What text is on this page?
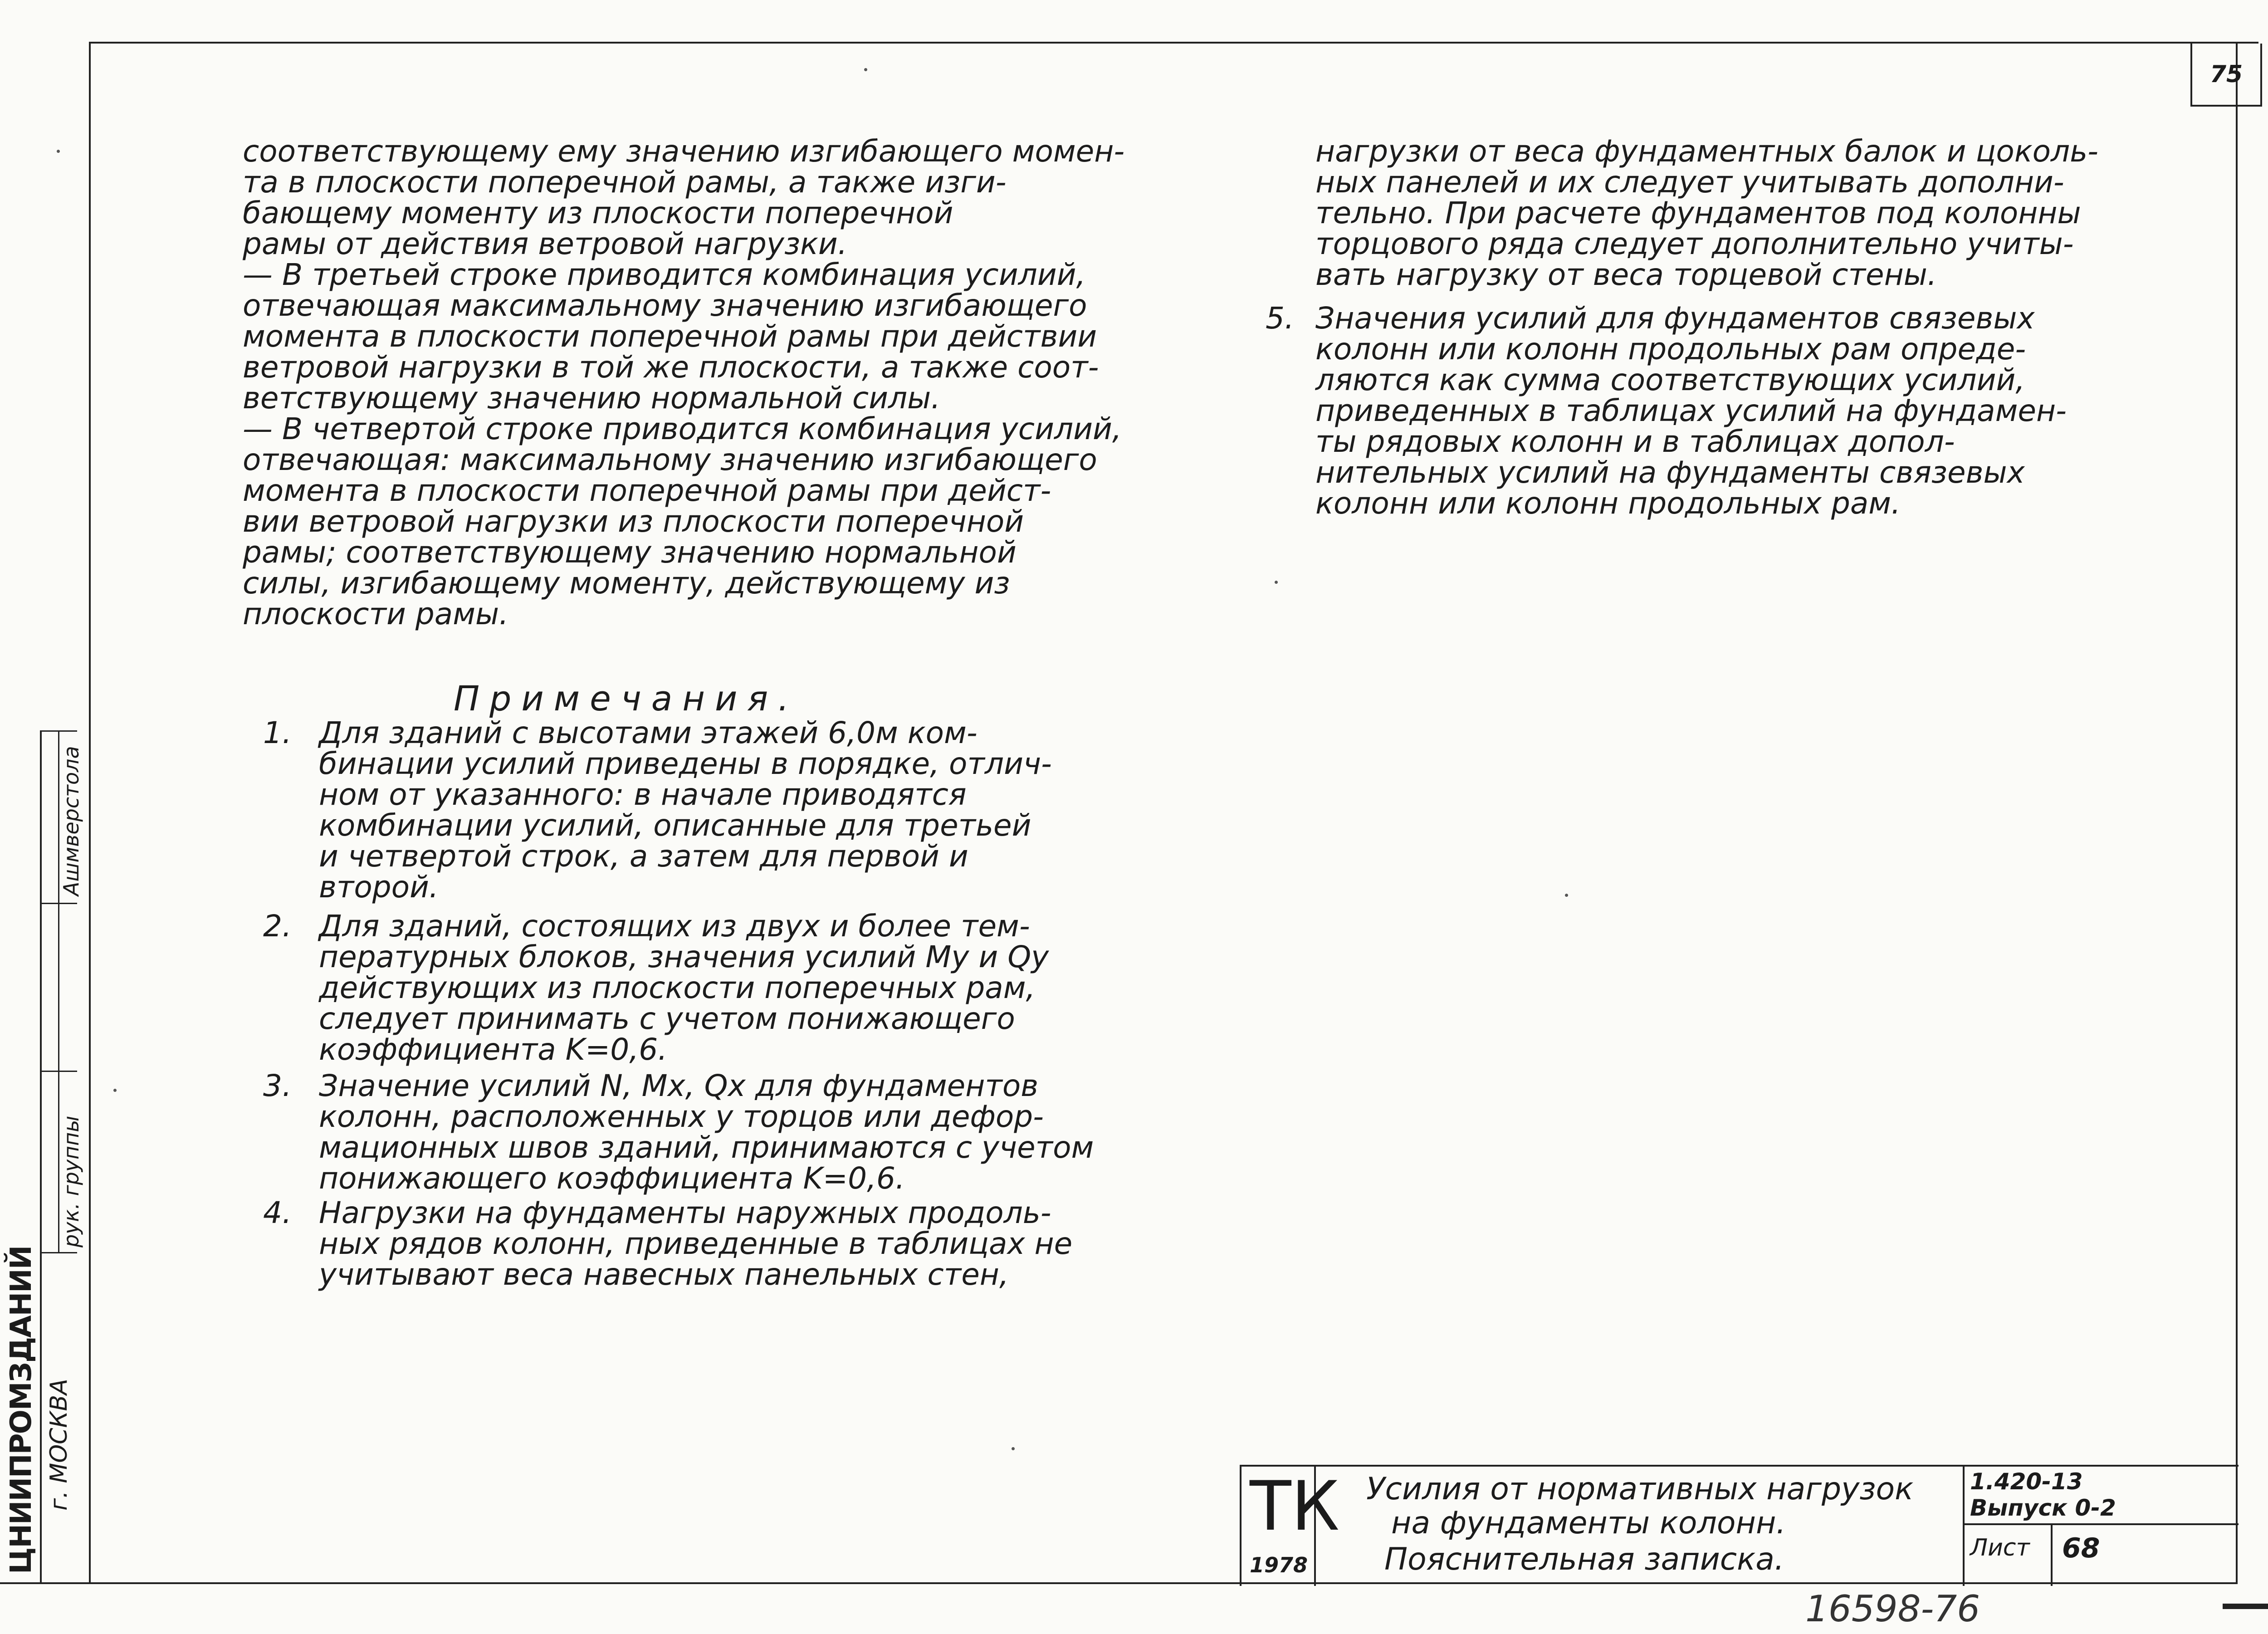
75
соответствующему ему значению изгибающего момен-
та в плоскости поперечной рамы, а также изги-
бающему моменту из плоскости поперечной
рамы от действия ветровой нагрузки.
— В третьей строке приводится комбинация усилий,
отвечающая максимальному значению изгибающего
момента в плоскости поперечной рамы при действии
ветровой нагрузки в той же плоскости, а также соот-
ветствующему значению нормальной силы.
— В четвертой строке приводится комбинация усилий,
отвечающая: максимальному значению изгибающего
момента в плоскости поперечной рамы при дейст-
вии ветровой нагрузки из плоскости поперечной
рамы; соответствующему значению нормальной
силы, изгибающему моменту, действующему из
плоскости рамы.
Примечания.
1. Для зданий с высотами этажей 6,0м ком-
бинации усилий приведены в порядке, отлич-
ном от указанного: в начале приводятся
комбинации усилий, описанные для третьей
и четвертой строк, а затем для первой и
второй.
2. Для зданий, состоящих из двух и более тем-
пературных блоков, значения усилий My и Qy
действующих из плоскости поперечных рам,
следует принимать с учетом понижающего
коэффициента K=0,6.
3. Значение усилий N, Mx, Qx для фундаментов
колонн, расположенных у торцов или дефор-
мационных швов зданий, принимаются с учетом
понижающего коэффициента K=0,6.
4. Нагрузки на фундаменты наружных продоль-
ных рядов колонн, приведенные в таблицах не
учитывают веса навесных панельных стен,
нагрузки от веса фундаментных балок и цоколь-
ных панелей и их следует учитывать дополни-
тельно. При расчете фундаментов под колонны
торцового ряда следует дополнительно учиты-
вать нагрузку от веса торцевой стены.
5. Значения усилий для фундаментов связевых
колонн или колонн продольных рам опреде-
ляются как сумма соответствующих усилий,
приведенных в таблицах усилий на фундамен-
ты рядовых колонн и в таблицах допол-
нительных усилий на фундаменты связевых
колонн или колонн продольных рам.
Ашмверстола
рук. группы
ЦНИИПРОМЗДАНИЙ г. МОСКВА	ТК
1978
Усилия от нормативных нагрузок
на фундаменты колонн.
Пояснительная записка.
1.420-13
Выпуск 0-2
Лист 68
16598-76
